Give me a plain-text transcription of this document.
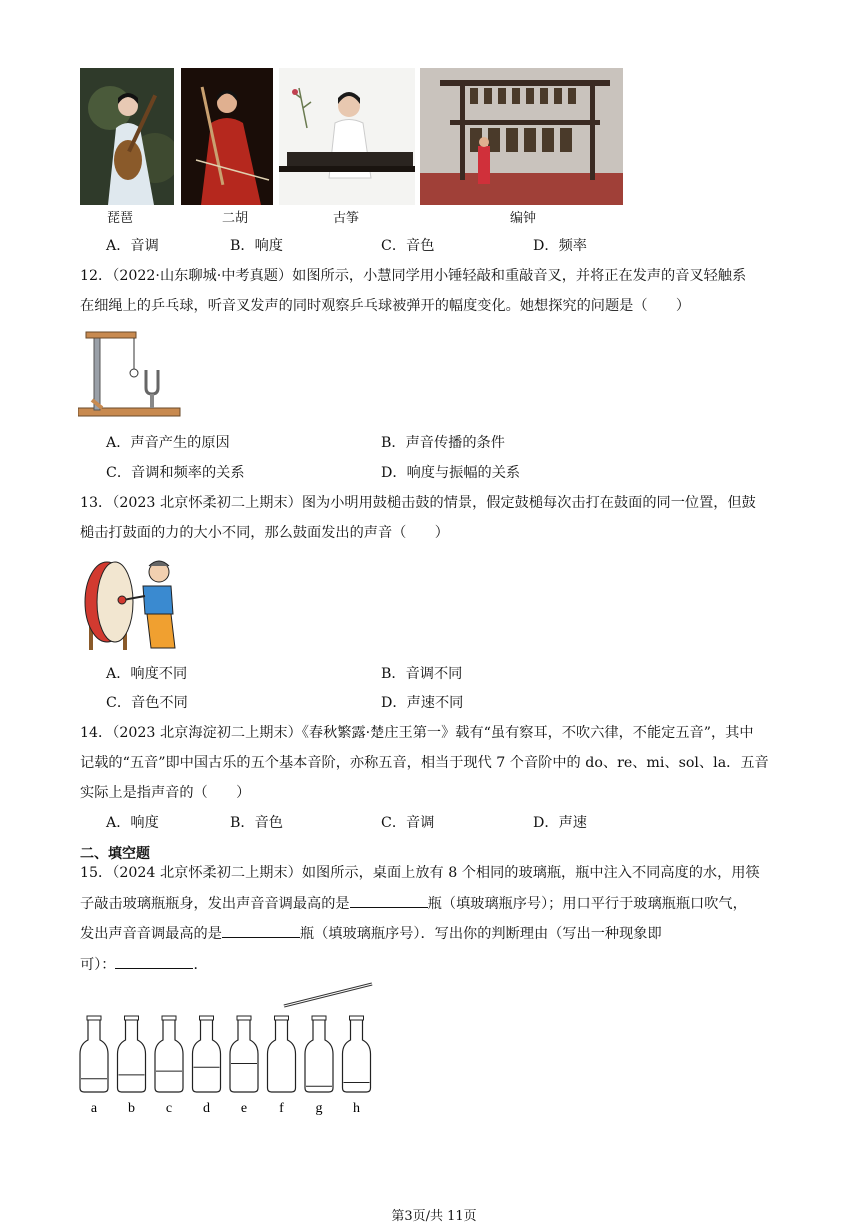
琵琶	二胡	古筝	编钟
A．音调	B．响度	C．音色	D．频率
12．（2022·山东聊城·中考真题）如图所示，小慧同学用小锤轻敲和重敲音叉，并将正在发声的音叉轻触系
在细绳上的乒乓球，听音叉发声的同时观察乒乓球被弹开的幅度变化。她想探究的问题是（　　）
A．声音产生的原因	B．声音传播的条件
C．音调和频率的关系	D．响度与振幅的关系
13．（2023 北京怀柔初二上期末）图为小明用鼓槌击鼓的情景，假定鼓槌每次击打在鼓面的同一位置，但鼓
槌击打鼓面的力的大小不同，那么鼓面发出的声音（　　）
A．响度不同	B．音调不同
C．音色不同	D．声速不同
14．（2023 北京海淀初二上期末）《春秋繁露·楚庄王第一》载有“虽有察耳，不吹六律，不能定五音”，其中
记载的“五音”即中国古乐的五个基本音阶，亦称五音，相当于现代 7 个音阶中的 do、re、mi、sol、la．五音
实际上是指声音的（　　）
A．响度	B．音色	C．音调	D．声速
二、填空题
15．（2024 北京怀柔初二上期末）如图所示，桌面上放有 8 个相同的玻璃瓶，瓶中注入不同高度的水，用筷
子敲击玻璃瓶瓶身，发出声音音调最高的是	瓶（填玻璃瓶序号）；用口平行于玻璃瓶瓶口吹气，
发出声音音调最高的是	瓶（填玻璃瓶序号）．写出你的判断理由（写出一种现象即
可）：	．
a b c d e f g h
第3页/共 11页
